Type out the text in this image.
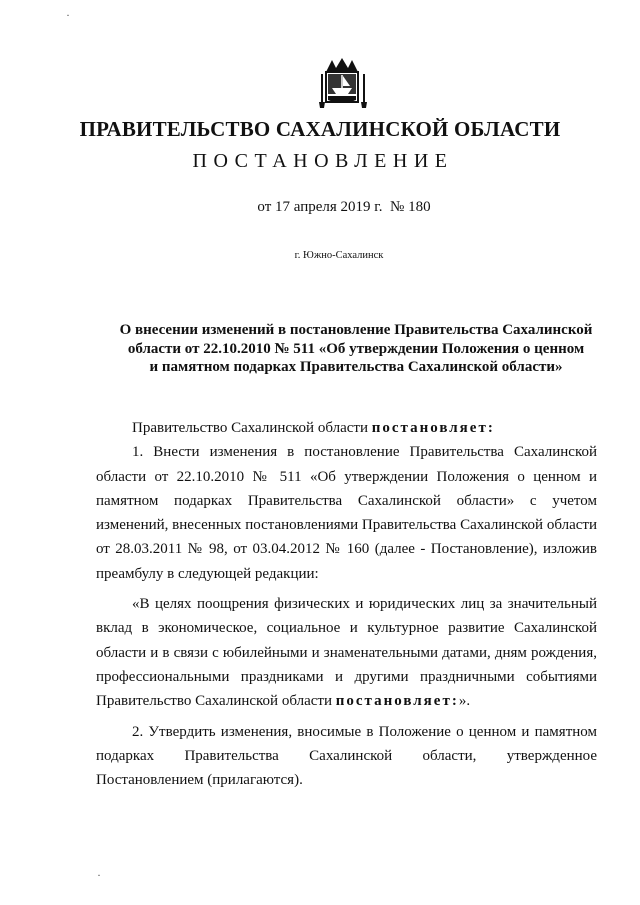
ПРАВИТЕЛЬСТВО САХАЛИНСКОЙ ОБЛАСТИ
ПОСТАНОВЛЕНИЕ
от 17 апреля 2019 г.  № 180
г. Южно-Сахалинск
О внесении изменений в постановление Правительства Сахалинской
области от 22.10.2010 № 511 «Об утверждении Положения о ценном
и памятном подарках Правительства Сахалинской области»

Правительство Сахалинской области постановляет:

1. Внести изменения в постановление Правительства Сахалинской области от 22.10.2010 № 511 «Об утверждении Положения о ценном и памятном подарках Правительства Сахалинской области» с учетом изменений, внесенных постановлениями Правительства Сахалинской области от 28.03.2011 № 98, от 03.04.2012 № 160 (далее - Постановление), изложив преамбулу в следующей редакции:

«В целях поощрения физических и юридических лиц за значительный вклад в экономическое, социальное и культурное развитие Сахалинской области и в связи с юбилейными и знаменательными датами, дням рождения, профессиональными праздниками и другими праздничными событиями Правительство Сахалинской области постановляет:».

2. Утвердить изменения, вносимые в Положение о ценном и памятном подарках Правительства Сахалинской области, утвержденное Постановлением (прилагаются).

·
·
